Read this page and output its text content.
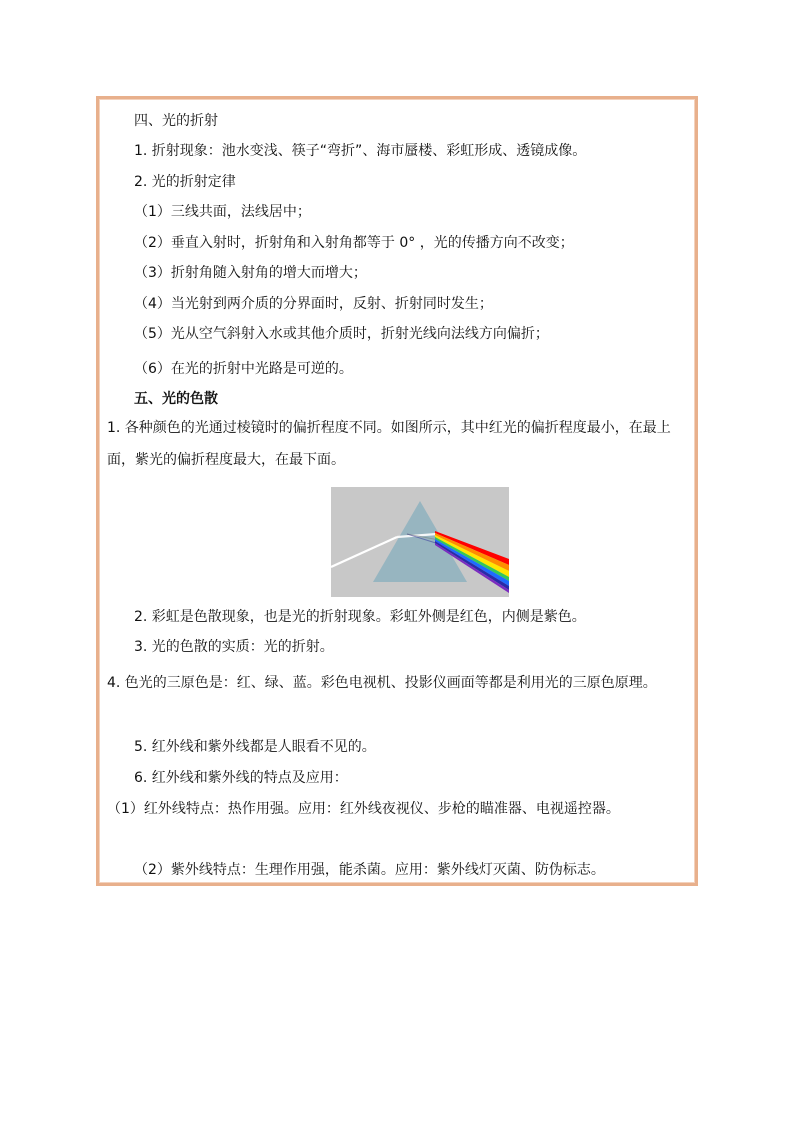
四、光的折射
1. 折射现象：池水变浅、筷子“弯折”、海市蜃楼、彩虹形成、透镜成像。
2. 光的折射定律
（1）三线共面，法线居中；
（2）垂直入射时，折射角和入射角都等于 0° ，光的传播方向不改变；
（3）折射角随入射角的增大而增大；
（4）当光射到两介质的分界面时，反射、折射同时发生；
（5）光从空气斜射入水或其他介质时，折射光线向法线方向偏折；
（6）在光的折射中光路是可逆的。
五、光的色散
1. 各种颜色的光通过棱镜时的偏折程度不同。如图所示，其中红光的偏折程度最小，在最上面，紫光的偏折程度最大，在最下面。
2. 彩虹是色散现象，也是光的折射现象。彩虹外侧是红色，内侧是紫色。
3. 光的色散的实质：光的折射。
4. 色光的三原色是：红、绿、蓝。彩色电视机、投影仪画面等都是利用光的三原色原理。
5. 红外线和紫外线都是人眼看不见的。
6. 红外线和紫外线的特点及应用：
（1）红外线特点：热作用强。应用：红外线夜视仪、步枪的瞄准器、电视遥控器。
（2）紫外线特点：生理作用强，能杀菌。应用：紫外线灯灭菌、防伪标志。
